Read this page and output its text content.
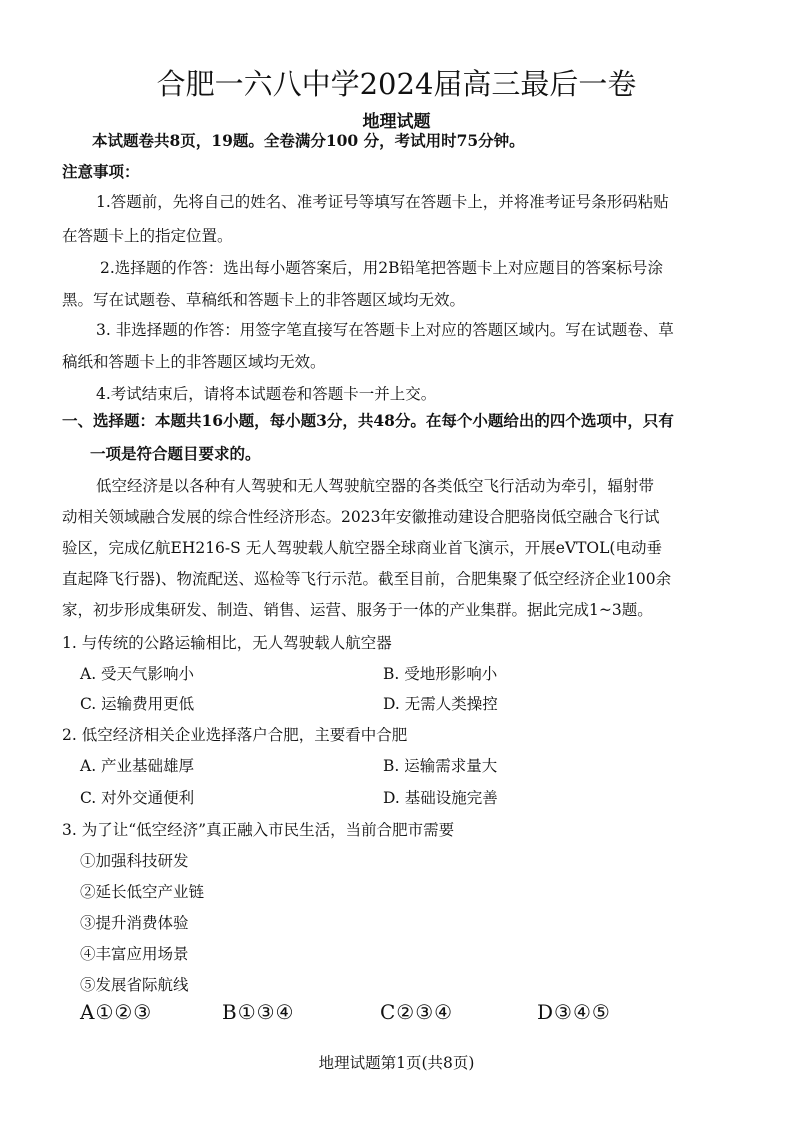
合肥一六八中学2024届高三最后一卷
地理试题
本试题卷共8页，19题。全卷满分100 分，考试用时75分钟。
注意事项：
1.答题前，先将自己的姓名、准考证号等填写在答题卡上，并将准考证号条形码粘贴
在答题卡上的指定位置。
2.选择题的作答：选出每小题答案后，用2B铅笔把答题卡上对应题目的答案标号涂
黑。写在试题卷、草稿纸和答题卡上的非答题区域均无效。
3. 非选择题的作答：用签字笔直接写在答题卡上对应的答题区域内。写在试题卷、草
稿纸和答题卡上的非答题区域均无效。
4.考试结束后，请将本试题卷和答题卡一并上交。
一、选择题：本题共16小题，每小题3分，共48分。在每个小题给出的四个选项中，只有
一项是符合题目要求的。
低空经济是以各种有人驾驶和无人驾驶航空器的各类低空飞行活动为牵引，辐射带
动相关领域融合发展的综合性经济形态。2023年安徽推动建设合肥骆岗低空融合飞行试
验区，完成亿航EH216-S 无人驾驶载人航空器全球商业首飞演示，开展eVTOL(电动垂
直起降飞行器)、物流配送、巡检等飞行示范。截至目前，合肥集聚了低空经济企业100余
家，初步形成集研发、制造、销售、运营、服务于一体的产业集群。据此完成1~3题。
1. 与传统的公路运输相比，无人驾驶载人航空器
A. 受天气影响小	B. 受地形影响小
C. 运输费用更低	D. 无需人类操控
2. 低空经济相关企业选择落户合肥，主要看中合肥
A. 产业基础雄厚	B. 运输需求量大
C. 对外交通便利	D. 基础设施完善
3. 为了让“低空经济”真正融入市民生活，当前合肥市需要
①加强科技研发
②延长低空产业链
③提升消费体验
④丰富应用场景
⑤发展省际航线
A①②③	B①③④	C②③④	D③④⑤
地理试题第1页(共8页)
